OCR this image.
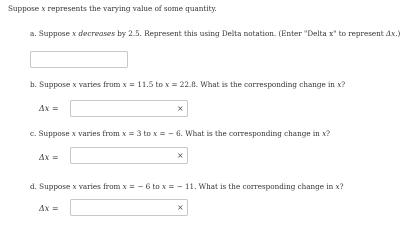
Suppose x represents the varying value of some quantity.
a. Suppose x decreases by 2.5. Represent this using Delta notation. (Enter "Delta x" to represent Δx.)
b. Suppose x varies from x = 11.5 to x = 22.8. What is the corresponding change in x?
Δx =	×
c. Suppose x varies from x = 3 to x = − 6. What is the corresponding change in x?
Δx =	×
d. Suppose x varies from x = − 6 to x = − 11. What is the corresponding change in x?
Δx =	×
